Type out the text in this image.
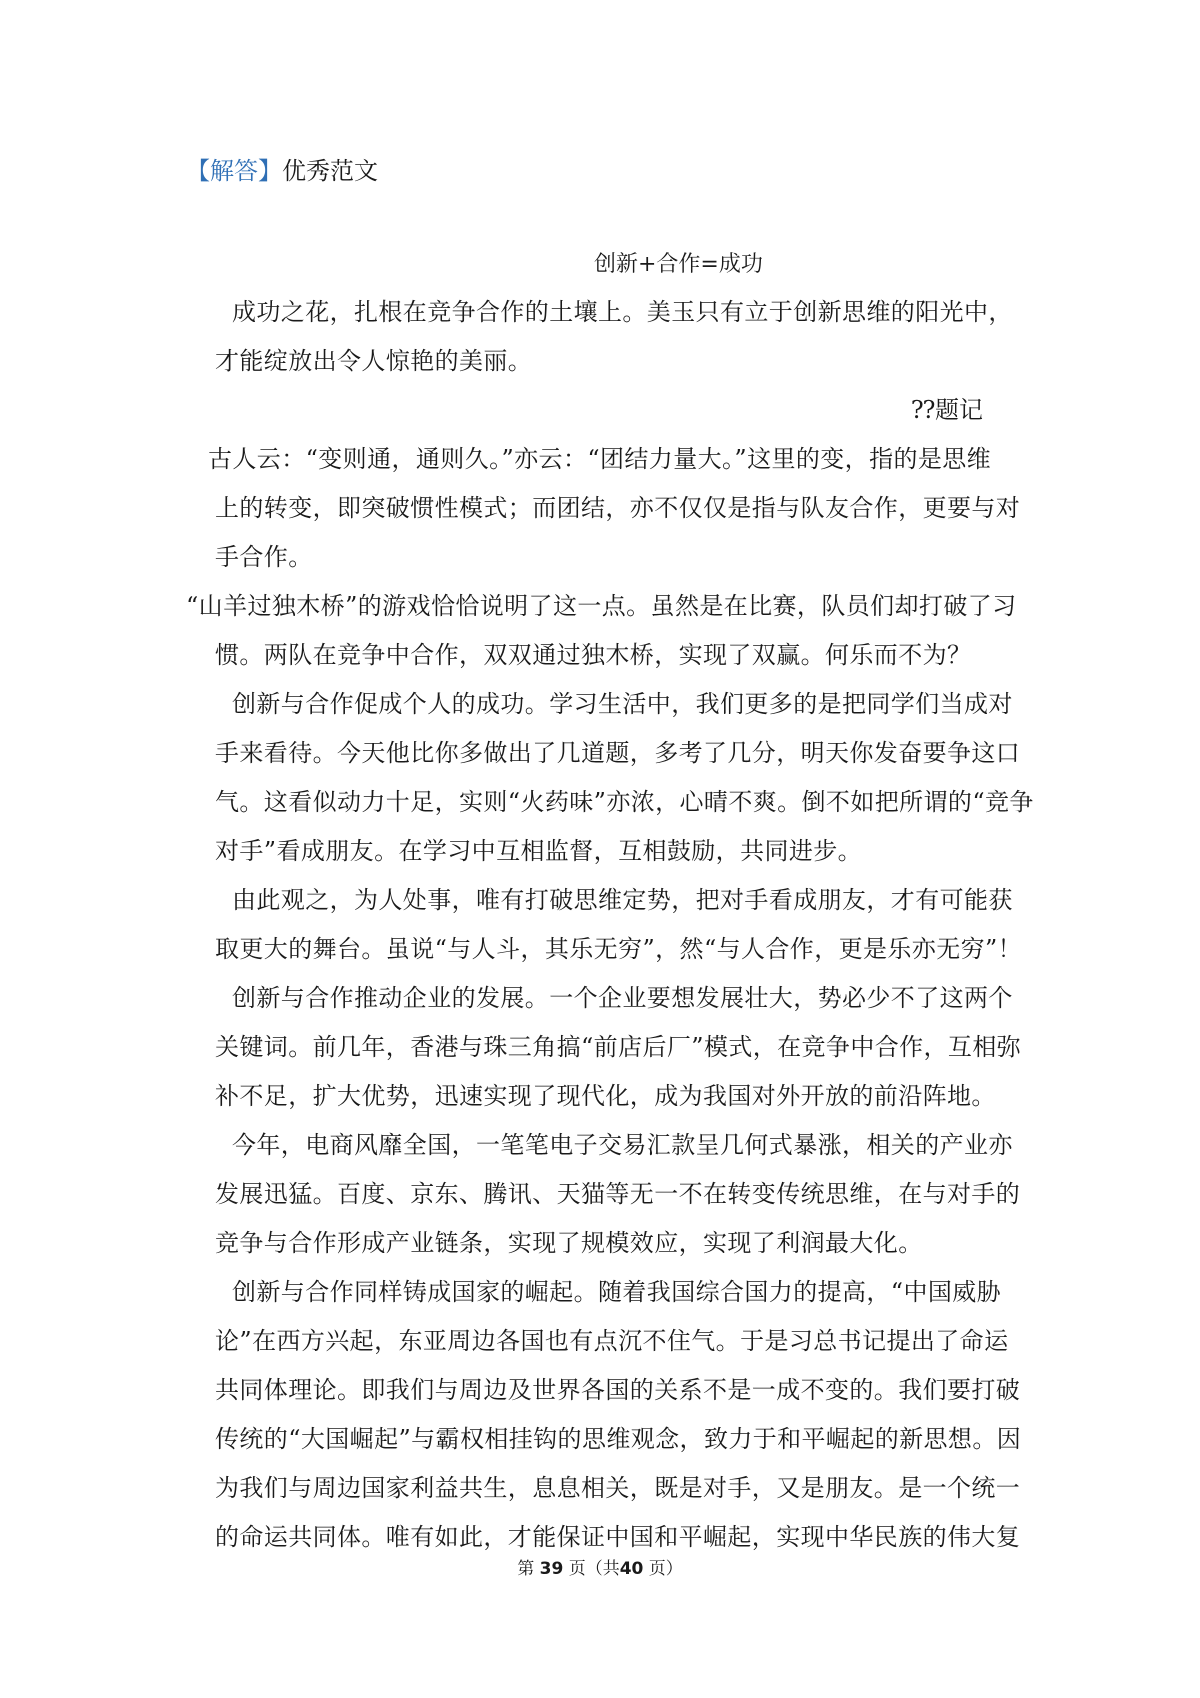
【解答】优秀范文
创新+合作=成功
成功之花，扎根在竞争合作的土壤上。美玉只有立于创新思维的阳光中，
才能绽放出令人惊艳的美丽。
⁇题记
古人云：“变则通，通则久。”亦云：“团结力量大。”这里的变，指的是思维
上的转变，即突破惯性模式；而团结，亦不仅仅是指与队友合作，更要与对
手合作。
“山羊过独木桥”的游戏恰恰说明了这一点。虽然是在比赛，队员们却打破了习
惯。两队在竞争中合作，双双通过独木桥，实现了双赢。何乐而不为？
创新与合作促成个人的成功。学习生活中，我们更多的是把同学们当成对
手来看待。今天他比你多做出了几道题，多考了几分，明天你发奋要争这口
气。这看似动力十足，实则“火药味”亦浓，心晴不爽。倒不如把所谓的“竞争
对手”看成朋友。在学习中互相监督，互相鼓励，共同进步。
由此观之，为人处事，唯有打破思维定势，把对手看成朋友，才有可能获
取更大的舞台。虽说“与人斗，其乐无穷”，然“与人合作，更是乐亦无穷”！
创新与合作推动企业的发展。一个企业要想发展壮大，势必少不了这两个
关键词。前几年，香港与珠三角搞“前店后厂”模式，在竞争中合作，互相弥
补不足，扩大优势，迅速实现了现代化，成为我国对外开放的前沿阵地。
今年，电商风靡全国，一笔笔电子交易汇款呈几何式暴涨，相关的产业亦
发展迅猛。百度、京东、腾讯、天猫等无一不在转变传统思维，在与对手的
竞争与合作形成产业链条，实现了规模效应，实现了利润最大化。
创新与合作同样铸成国家的崛起。随着我国综合国力的提高，“中国威胁
论”在西方兴起，东亚周边各国也有点沉不住气。于是习总书记提出了命运
共同体理论。即我们与周边及世界各国的关系不是一成不变的。我们要打破
传统的“大国崛起”与霸权相挂钩的思维观念，致力于和平崛起的新思想。因
为我们与周边国家利益共生，息息相关，既是对手，又是朋友。是一个统一
的命运共同体。唯有如此，才能保证中国和平崛起，实现中华民族的伟大复
第 39 页（共40 页）
